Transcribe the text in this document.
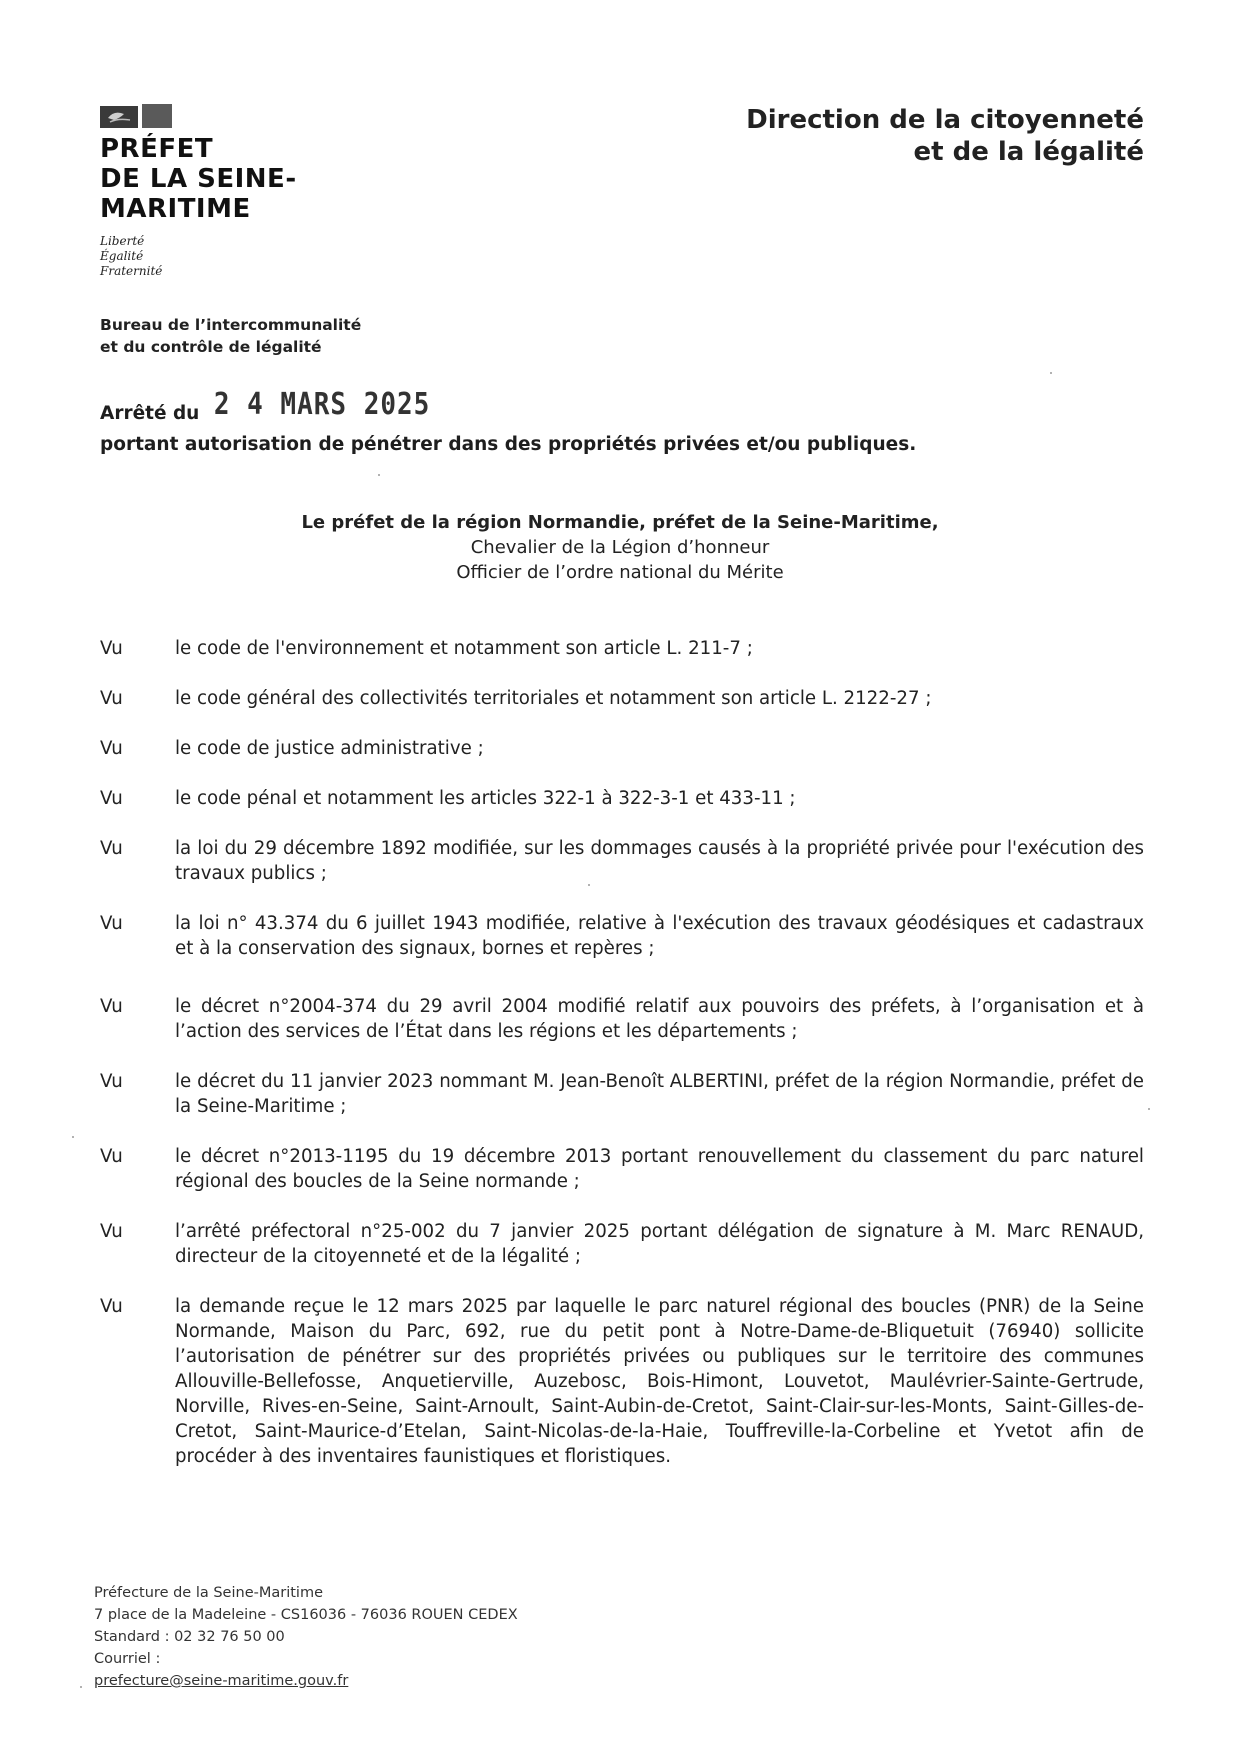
PRÉFET
DE LA SEINE-
MARITIME
Liberté
Égalité
Fraternité
Direction de la citoyenneté
et de la légalité
Bureau de l’intercommunalité
et du contrôle de légalité
Arrêté du 2 4 MARS 2025
portant autorisation de pénétrer dans des propriétés privées et/ou publiques.
Le préfet de la région Normandie, préfet de la Seine-Maritime,
Chevalier de la Légion d’honneur
Officier de l’ordre national du Mérite
Vu	le code de l'environnement et notamment son article L. 211-7 ;
Vu	le code général des collectivités territoriales et notamment son article L. 2122-27 ;
Vu	le code de justice administrative ;
Vu	le code pénal et notamment les articles 322-1 à 322-3-1 et 433-11 ;
Vu	la loi du 29 décembre 1892 modifiée, sur les dommages causés à la propriété privée pour l'exécution des travaux publics ;
Vu	la loi n° 43.374 du 6 juillet 1943 modifiée, relative à l'exécution des travaux géodésiques et cadastraux et à la conservation des signaux, bornes et repères ;
Vu	le décret n°2004-374 du 29 avril 2004 modifié relatif aux pouvoirs des préfets, à l’organisation et à l’action des services de l’État dans les régions et les départements ;
Vu	le décret du 11 janvier 2023 nommant M. Jean-Benoît ALBERTINI, préfet de la région Normandie, préfet de la Seine-Maritime ;
Vu	le décret n°2013-1195 du 19 décembre 2013 portant renouvellement du classement du parc naturel régional des boucles de la Seine normande ;
Vu	l’arrêté préfectoral n°25-002 du 7 janvier 2025 portant délégation de signature à M. Marc RENAUD, directeur de la citoyenneté et de la légalité ;
Vu	la demande reçue le 12 mars 2025 par laquelle le parc naturel régional des boucles (PNR) de la Seine Normande, Maison du Parc, 692, rue du petit pont à Notre-Dame-de-Bliquetuit (76940) sollicite l’autorisation de pénétrer sur des propriétés privées ou publiques sur le territoire des communes Allouville-Bellefosse, Anquetierville, Auzebosc, Bois-Himont, Louvetot, Maulévrier-Sainte-Gertrude, Norville, Rives-en-Seine, Saint-Arnoult, Saint-Aubin-de-Cretot, Saint-Clair-sur-les-Monts, Saint-Gilles-de-Cretot, Saint-Maurice-d’Etelan, Saint-Nicolas-de-la-Haie, Touffreville-la-Corbeline et Yvetot afin de procéder à des inventaires faunistiques et floristiques.
Préfecture de la Seine-Maritime
7 place de la Madeleine - CS16036 - 76036 ROUEN CEDEX
Standard : 02 32 76 50 00
Courriel :
prefecture@seine-maritime.gouv.fr
